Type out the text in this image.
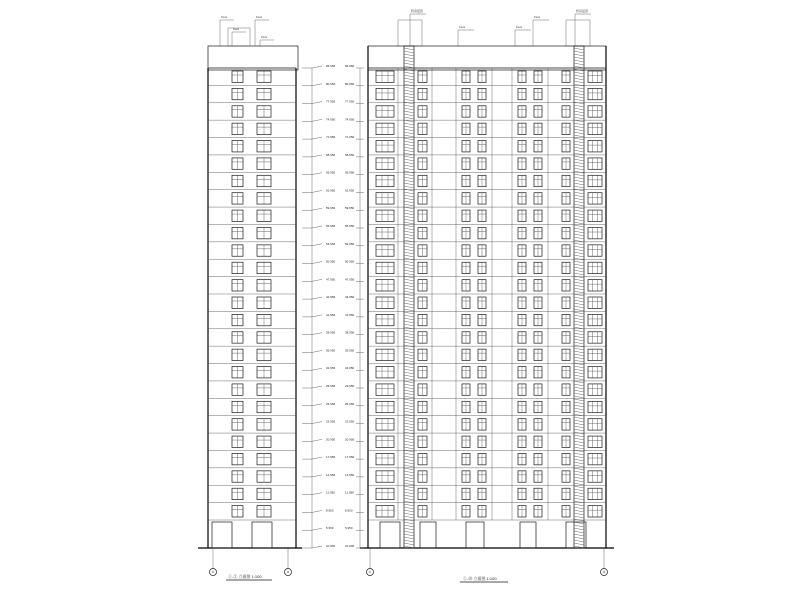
83.950
80.950
77.950
74.950
71.950
68.950
65.950
62.950
59.950
56.950
53.950
50.950
47.950
44.950
41.950
38.950
35.950
32.950
29.950
26.950
23.950
20.950
17.950
14.950
11.950
8.950
5.950
±0.000
±xxx	±xxx
±xxx
±xxx
①	②
①-② 立面图 1:100
机房层顶
±xxx	±xxx
±xxx
机房层顶
83.950
80.950
77.950
74.950
71.950
68.950
65.950
62.950
59.950
56.950
53.950
50.950
47.950
44.950
41.950
38.950
35.950
32.950
29.950
26.950
23.950
20.950
17.950
14.950
11.950
8.950
5.950
±0.000
①	⑳
①-⑳ 立面图 1:100
